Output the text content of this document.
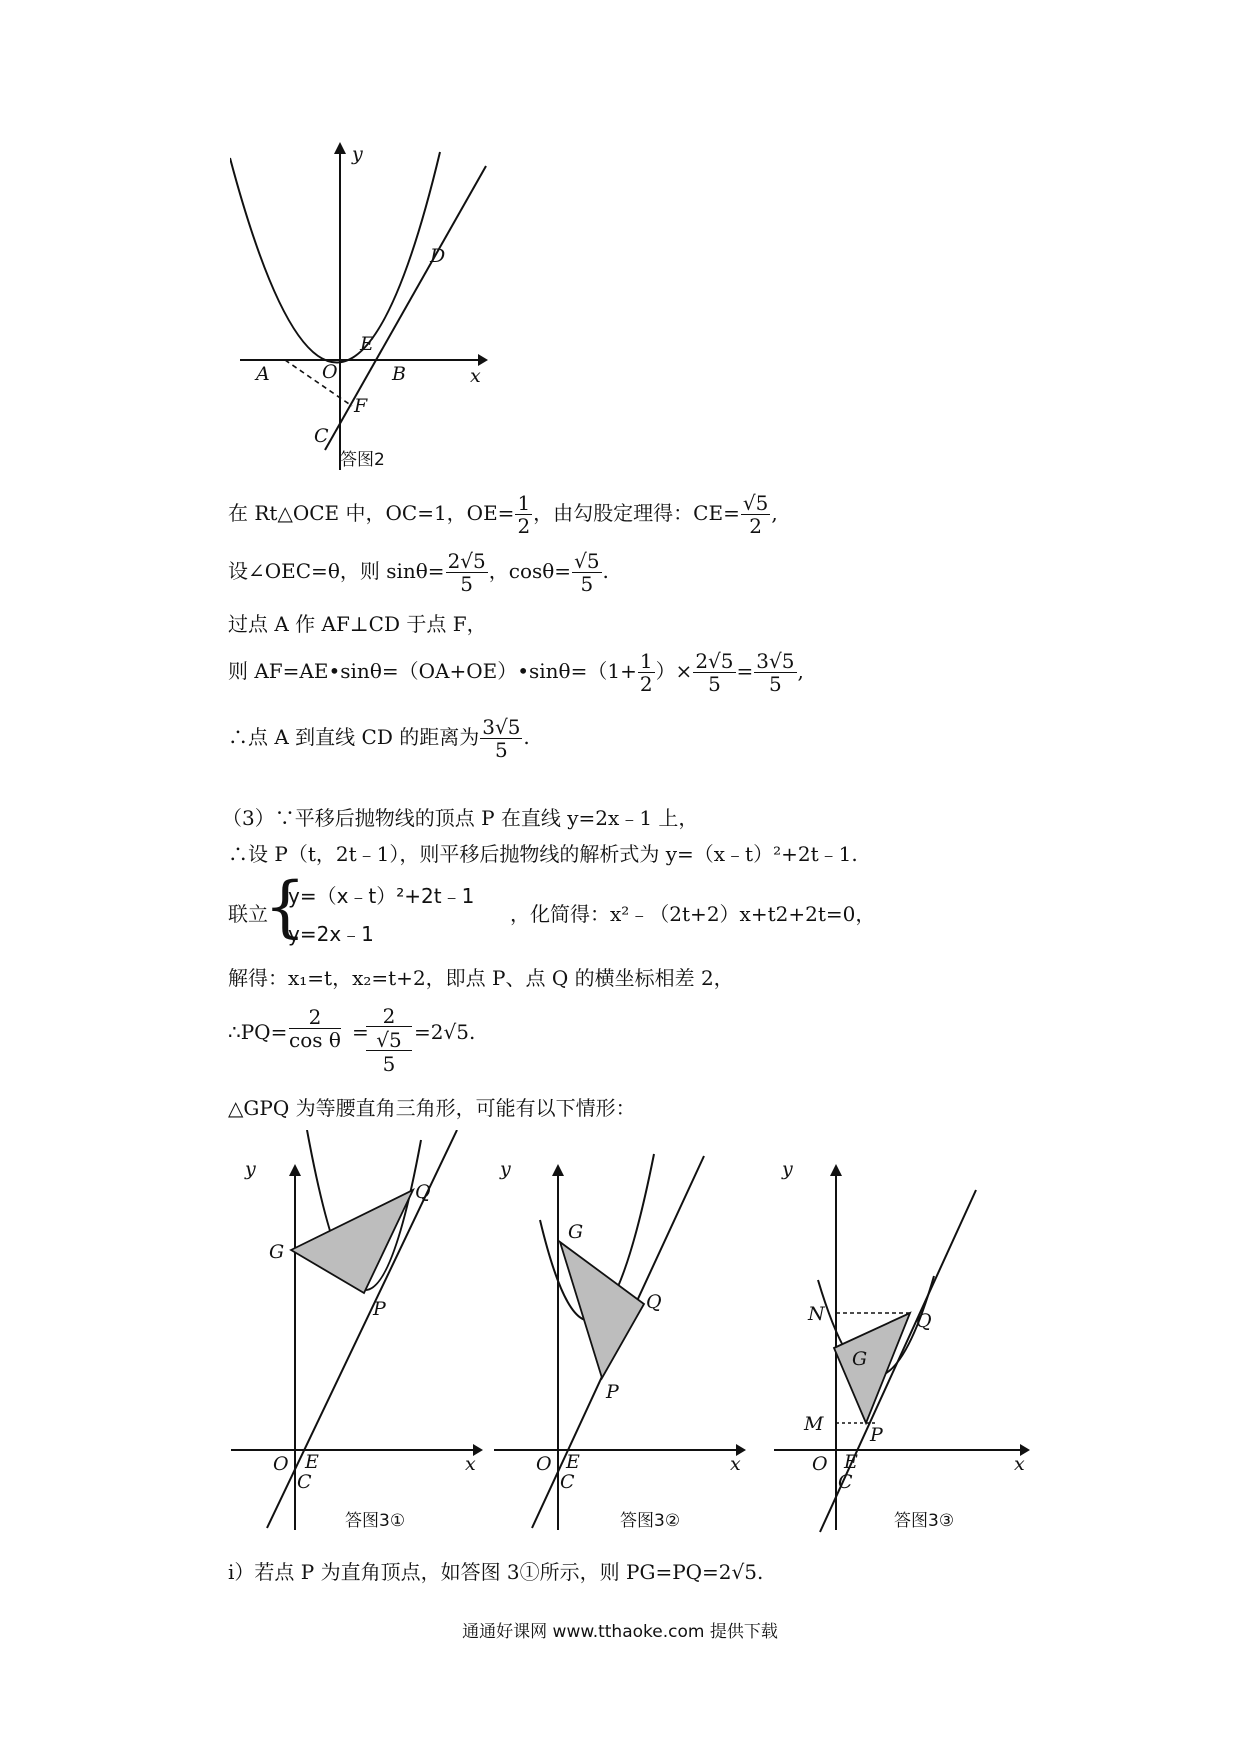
A	O
E
B
F
C
D
x
y
答图2
在 Rt△OCE 中，OC=1，$OE= \frac{1}{2}$ ，由勾股定理得：$CE= \frac{√5}{2}$ ,
设∠OEC=θ，则 $\sin\theta= \frac{2√5}{5}$ ，$\cos\theta= \frac{√5}{5}$ .
过点 A 作 AF⊥CD 于点 F，
则 AF=AE•sinθ=（OA+OE）•sinθ=（1+ $\frac{1}{2}$ ）× $\frac{2√5}{5} = \frac{3√5}{5}$ ,
∴点 A 到直线 CD 的距离为 $\frac{3√5}{5}$ .
（3）∵平移后抛物线的顶点 P 在直线 y=2x﹣1 上，
∴设 P（t，2t﹣1），则平移后抛物线的解析式为 y=（x﹣t）²+2t﹣1.
联立
{
y=（x﹣t）²+2t﹣1
y=2x﹣1
，化简得：x²﹣（2t+2）x+t2+2t=0，
解得：x₁=t，x₂=t+2，即点 P、点 Q 的横坐标相差 2，
∴PQ= $\frac{2}{\text{cos θ}}$ =
2
√5
5
=2√5.
△GPQ 为等腰直角三角形，可能有以下情形：
y
x
G
Q
P
O E
C
答图3①
y
x
G
Q
P
O E
C
答图3②
y
x
N
G
Q
M P
O E
C
答图3③
i）若点 P 为直角顶点，如答图 3①所示，则 PG=PQ=2√5.
通通好课网 www.tthaoke.com 提供下载
